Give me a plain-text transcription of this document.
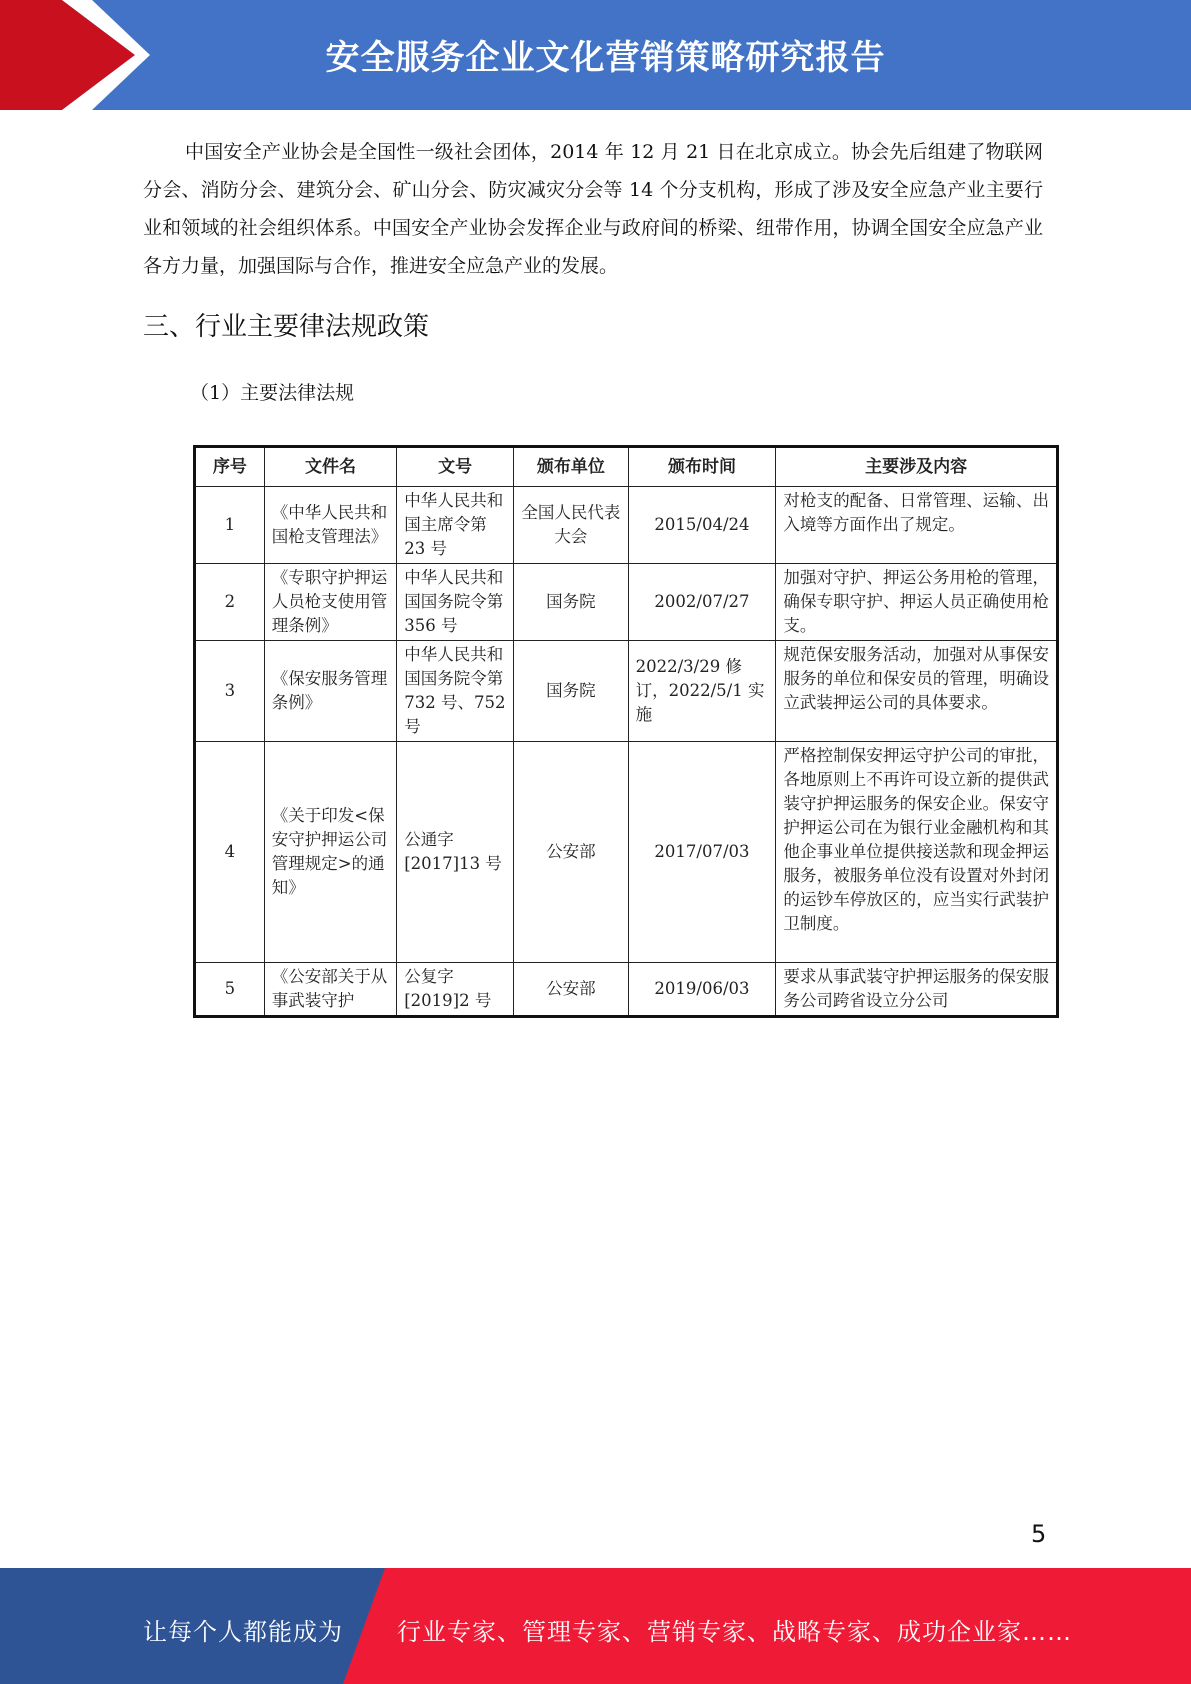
安全服务企业文化营销策略研究报告

中国安全产业协会是全国性一级社会团体，2014 年 12 月 21 日在北京成立。协会先后组建了物联网分会、消防分会、建筑分会、矿山分会、防灾减灾分会等 14 个分支机构，形成了涉及安全应急产业主要行业和领域的社会组织体系。中国安全产业协会发挥企业与政府间的桥梁、纽带作用，协调全国安全应急产业各方力量，加强国际与合作，推进安全应急产业的发展。

三、行业主要律法规政策
（1）主要法律法规
序号	文件名	文号	颁布单位	颁布时间	主要涉及内容
1	《中华人民共和国枪支管理法》	中华人民共和国主席令第 23 号	全国人民代表大会	2015/04/24	对枪支的配备、日常管理、运输、出入境等方面作出了规定。
2	《专职守护押运人员枪支使用管理条例》	中华人民共和国国务院令第 356 号	国务院	2002/07/27	加强对守护、押运公务用枪的管理，确保专职守护、押运人员正确使用枪支。
3	《保安服务管理条例》	中华人民共和国国务院令第 732 号、752 号	国务院	2022/3/29 修订，2022/5/1 实施	规范保安服务活动，加强对从事保安服务的单位和保安员的管理，明确设立武装押运公司的具体要求。
4	《关于印发<保安守护押运公司管理规定>的通知》	公通字 [2017]13 号	公安部	2017/07/03	严格控制保安押运守护公司的审批，各地原则上不再许可设立新的提供武装守护押运服务的保安企业。保安守护押运公司在为银行业金融机构和其他企事业单位提供接送款和现金押运服务，被服务单位没有设置对外封闭的运钞车停放区的，应当实行武装护卫制度。
5	《公安部关于从事武装守护	公复字 [2019]2 号	公安部	2019/06/03	要求从事武装守护押运服务的保安服务公司跨省设立分公司
5
让每个人都能成为 行业专家、管理专家、营销专家、战略专家、成功企业家……
